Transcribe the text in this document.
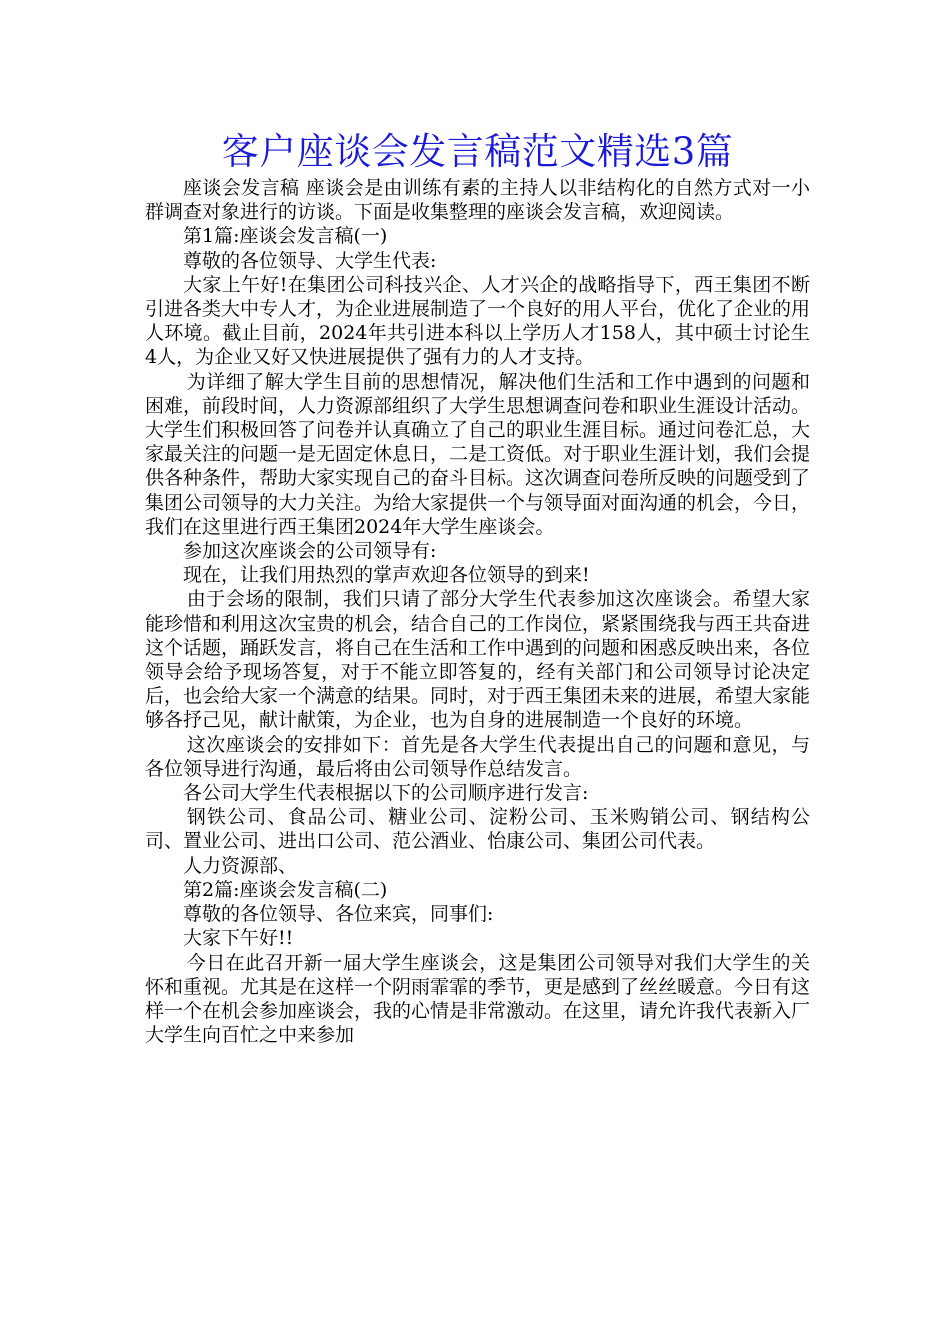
客户座谈会发言稿范文精选3篇

座谈会发言稿 座谈会是由训练有素的主持人以非结构化的自然方式对一小群调查对象进行的访谈。下面是收集整理的座谈会发言稿，欢迎阅读。

第1篇:座谈会发言稿(一)

尊敬的各位领导、大学生代表:

大家上午好!在集团公司科技兴企、人才兴企的战略指导下，西王集团不断引进各类大中专人才，为企业进展制造了一个良好的用人平台，优化了企业的用人环境。截止目前，2024年共引进本科以上学历人才158人，其中硕士讨论生4人，为企业又好又快进展提供了强有力的人才支持。

为详细了解大学生目前的思想情况，解决他们生活和工作中遇到的问题和困难，前段时间，人力资源部组织了大学生思想调查问卷和职业生涯设计活动。大学生们积极回答了问卷并认真确立了自己的职业生涯目标。通过问卷汇总，大家最关注的问题一是无固定休息日，二是工资低。对于职业生涯计划，我们会提供各种条件，帮助大家实现自己的奋斗目标。这次调查问卷所反映的问题受到了集团公司领导的大力关注。为给大家提供一个与领导面对面沟通的机会，今日，我们在这里进行西王集团2024年大学生座谈会。

参加这次座谈会的公司领导有:

现在，让我们用热烈的掌声欢迎各位领导的到来!

由于会场的限制，我们只请了部分大学生代表参加这次座谈会。希望大家能珍惜和利用这次宝贵的机会，结合自己的工作岗位，紧紧围绕我与西王共奋进这个话题，踊跃发言，将自己在生活和工作中遇到的问题和困惑反映出来，各位领导会给予现场答复，对于不能立即答复的，经有关部门和公司领导讨论决定后，也会给大家一个满意的结果。同时，对于西王集团未来的进展，希望大家能够各抒己见，献计献策，为企业，也为自身的进展制造一个良好的环境。

这次座谈会的安排如下：首先是各大学生代表提出自己的问题和意见，与各位领导进行沟通，最后将由公司领导作总结发言。

各公司大学生代表根据以下的公司顺序进行发言:

钢铁公司、食品公司、糖业公司、淀粉公司、玉米购销公司、钢结构公司、置业公司、进出口公司、范公酒业、怡康公司、集团公司代表。

人力资源部、

第2篇:座谈会发言稿(二)

尊敬的各位领导、各位来宾，同事们:

大家下午好!!

今日在此召开新一届大学生座谈会，这是集团公司领导对我们大学生的关怀和重视。尤其是在这样一个阴雨霏霏的季节，更是感到了丝丝暖意。今日有这样一个在机会参加座谈会，我的心情是非常激动。在这里，请允许我代表新入厂大学生向百忙之中来参加
